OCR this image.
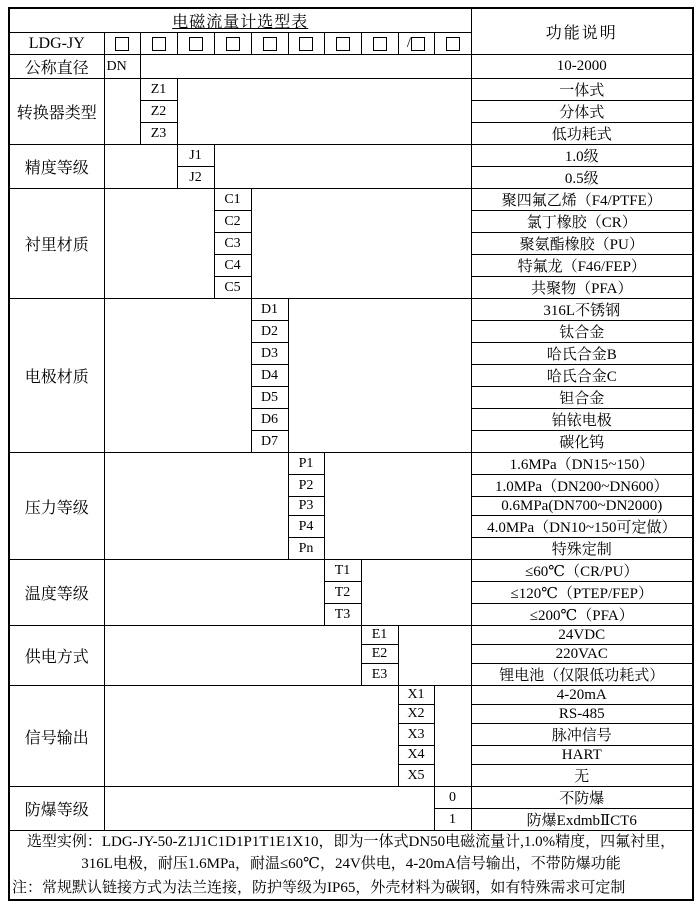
电磁流量计选型表											功能说明
LDG-JY									/		
公称直径	DN										10-2000
转换器类型		Z1									一体式
		Z2									分体式
		Z3									低功耗式
精度等级			J1								1.0级
			J2								0.5级
衬里材质				C1							聚四氟乙烯（F4/PTFE）
				C2							氯丁橡胶（CR）
				C3							聚氨酯橡胶（PU）
				C4							特氟龙（F46/FEP）
				C5							共聚物（PFA）
电极材质					D1						316L不锈钢
					D2						钛合金
					D3						哈氏合金B
					D4						哈氏合金C
					D5						钽合金
					D6						铂铱电极
					D7						碳化钨
压力等级						P1					1.6MPa（DN15~150）
						P2					1.0MPa（DN200~DN600）
						P3					0.6MPa(DN700~DN2000)
						P4					4.0MPa（DN10~150可定做）
						Pn					特殊定制
温度等级							T1				≤60℃（CR/PU）
							T2				≤120℃（PTEP/FEP）
							T3				≤200℃（PFA）
供电方式								E1			24VDC
								E2			220VAC
								E3			锂电池（仅限低功耗式）
信号输出									X1		4-20mA
									X2		RS-485
									X3		脉冲信号
									X4		HART
									X5		无
防爆等级										0	不防爆
										1	防爆ExdmbⅡCT6

选型实例：LDG-JY-50-Z1J1C1D1P1T1E1X10，即为一体式DN50电磁流量计,1.0%精度，四氟衬里，
316L电极，耐压1.6MPa，耐温≤60℃，24V供电，4-20mA信号输出，不带防爆功能
注：常规默认链接方式为法兰连接，防护等级为IP65，外壳材料为碳钢，如有特殊需求可定制											
